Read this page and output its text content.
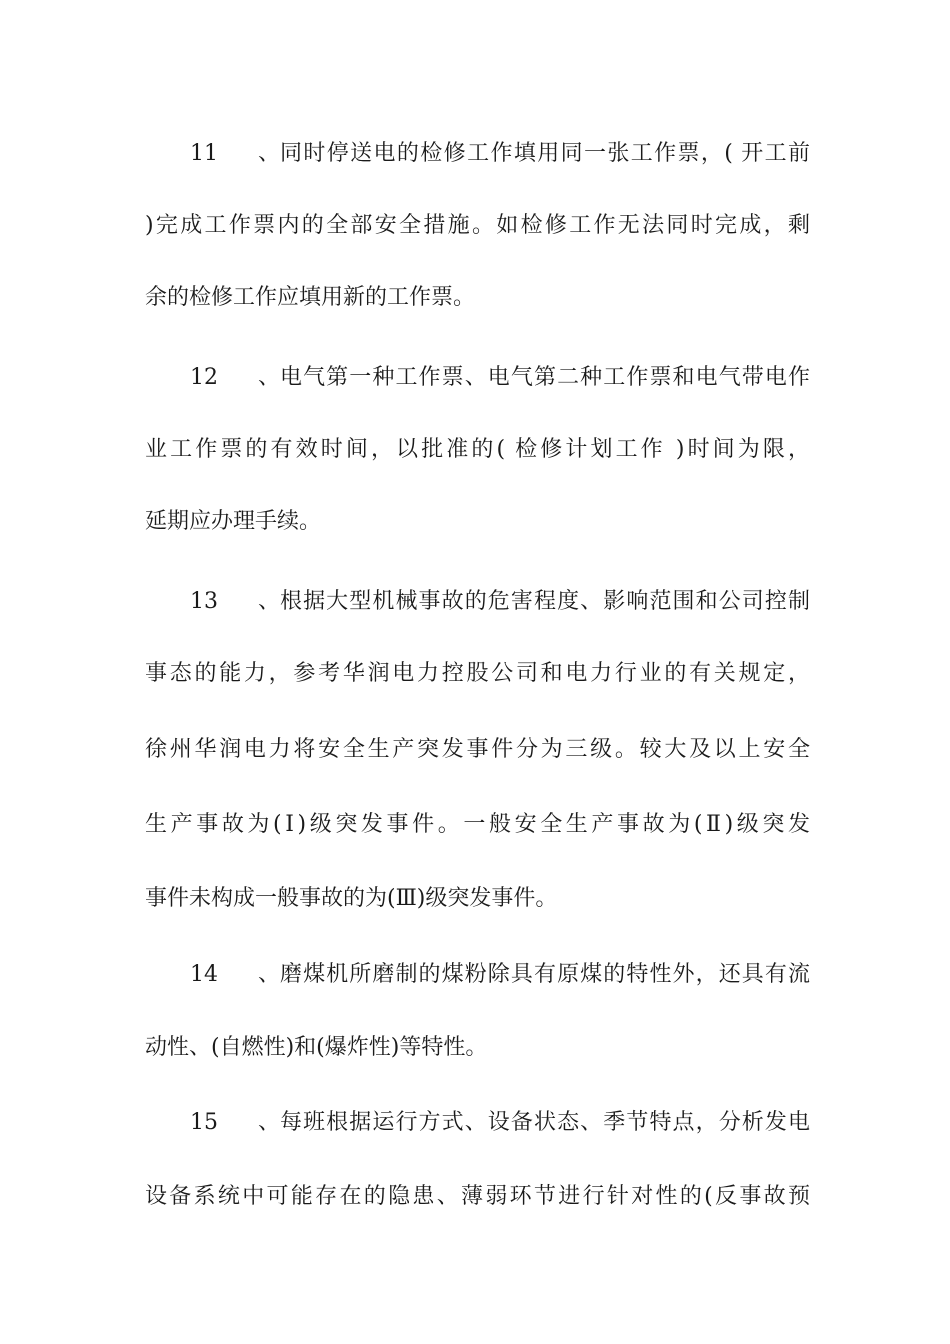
11、同时停送电的检修工作填用同一张工作票，( 开工前
)完成工作票内的全部安全措施。如检修工作无法同时完成，剩
余的检修工作应填用新的工作票。
12、电气第一种工作票、电气第二种工作票和电气带电作
业工作票的有效时间，以批准的( 检修计划工作 )时间为限，
延期应办理手续。
13、根据大型机械事故的危害程度、影响范围和公司控制
事态的能力，参考华润电力控股公司和电力行业的有关规定，
徐州华润电力将安全生产突发事件分为三级。较大及以上安全
生产事故为(Ⅰ)级突发事件。一般安全生产事故为(Ⅱ)级突发
事件未构成一般事故的为(Ⅲ)级突发事件。
14、磨煤机所磨制的煤粉除具有原煤的特性外，还具有流
动性、(自燃性)和(爆炸性)等特性。
15、每班根据运行方式、设备状态、季节特点，分析发电
设备系统中可能存在的隐患、薄弱环节进行针对性的(反事故预
